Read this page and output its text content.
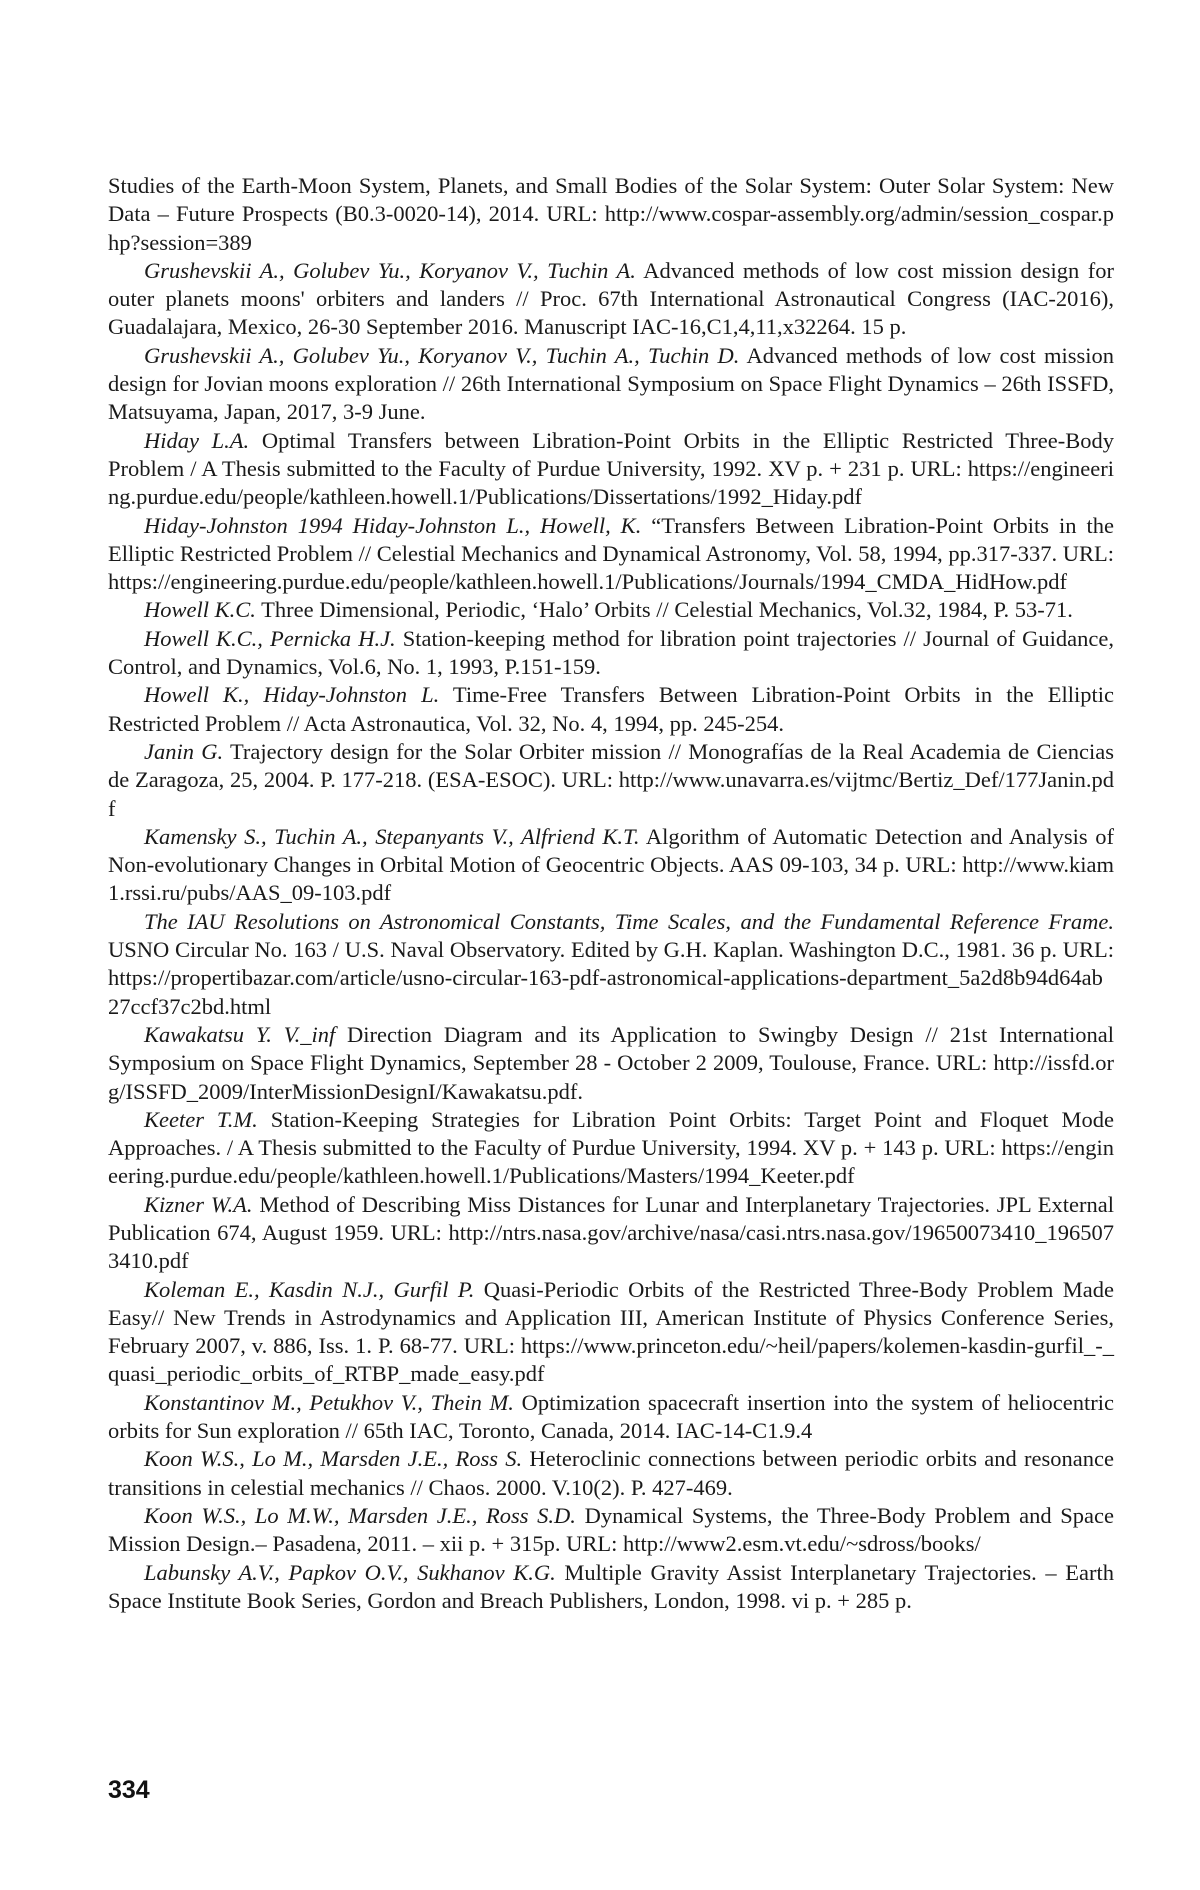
Studies of the Earth-Moon System, Planets, and Small Bodies of the Solar System: Outer Solar System: New Data – Future Prospects (B0.3-0020-14), 2014. URL: http://www.cospar-assembly.org/admin/session_cospar.php?session=389

Grushevskii A., Golubev Yu., Koryanov V., Tuchin A. Advanced methods of low cost mission design for outer planets moons' orbiters and landers // Proc. 67th International Astronautical Congress (IAC-2016), Guadalajara, Mexico, 26-30 September 2016. Manuscript IAC-16,C1,4,11,x32264. 15 p.

Grushevskii A., Golubev Yu., Koryanov V., Tuchin A., Tuchin D. Advanced methods of low cost mission design for Jovian moons exploration // 26th International Symposium on Space Flight Dynamics – 26th ISSFD, Matsuyama, Japan, 2017, 3-9 June.

Hiday L.A. Optimal Transfers between Libration-Point Orbits in the Elliptic Restricted Three-Body Problem / A Thesis submitted to the Faculty of Purdue University, 1992. XV p. + 231 p. URL: https://engineering.purdue.edu/people/kathleen.howell.1/Publications/Dissertations/1992_Hiday.pdf

Hiday-Johnston 1994 Hiday-Johnston L., Howell, K. “Transfers Between Libration-Point Orbits in the Elliptic Restricted Problem // Celestial Mechanics and Dynamical Astronomy, Vol. 58, 1994, pp.317-337. URL: https://engineering.purdue.edu/people/kathleen.howell.1/Publications/Journals/1994_CMDA_HidHow.pdf

Howell K.C. Three Dimensional, Periodic, ‘Halo’ Orbits // Celestial Mechanics, Vol.32, 1984, P. 53-71.

Howell K.C., Pernicka H.J. Station-keeping method for libration point trajectories // Journal of Guidance, Control, and Dynamics, Vol.6, No. 1, 1993, P.151-159.

Howell K., Hiday-Johnston L. Time-Free Transfers Between Libration-Point Orbits in the Elliptic Restricted Problem // Acta Astronautica, Vol. 32, No. 4, 1994, pp. 245-254.

Janin G. Trajectory design for the Solar Orbiter mission // Monografías de la Real Academia de Ciencias de Zaragoza, 25, 2004. P. 177-218. (ESA-ESOC). URL: http://www.unavarra.es/vijtmc/Bertiz_Def/177Janin.pdf

Kamensky S., Tuchin A., Stepanyants V., Alfriend K.T. Algorithm of Automatic Detection and Analysis of Non-evolutionary Changes in Orbital Motion of Geocentric Objects. AAS 09-103, 34 p. URL: http://www.kiam1.rssi.ru/pubs/AAS_09-103.pdf

The IAU Resolutions on Astronomical Constants, Time Scales, and the Fundamental Reference Frame. USNO Circular No. 163 / U.S. Naval Observatory. Edited by G.H. Kaplan. Washington D.C., 1981. 36 p. URL: https://propertibazar.com/article/usno-circular-163-pdf-astronomical-applications-department_5a2d8b94d64ab27ccf37c2bd.html

Kawakatsu Y. V._inf Direction Diagram and its Application to Swingby Design // 21st International Symposium on Space Flight Dynamics, September 28 - October 2 2009, Toulouse, France. URL: http://issfd.org/ISSFD_2009/InterMissionDesignI/Kawakatsu.pdf.

Keeter T.M. Station-Keeping Strategies for Libration Point Orbits: Target Point and Floquet Mode Approaches. / A Thesis submitted to the Faculty of Purdue University, 1994. XV p. + 143 p. URL: https://engineering.purdue.edu/people/kathleen.howell.1/Publications/Masters/1994_Keeter.pdf

Kizner W.A. Method of Describing Miss Distances for Lunar and Interplanetary Trajectories. JPL External Publication 674, August 1959. URL: http://ntrs.nasa.gov/archive/nasa/casi.ntrs.nasa.gov/19650073410_1965073410.pdf

Koleman E., Kasdin N.J., Gurfil P. Quasi-Periodic Orbits of the Restricted Three-Body Problem Made Easy// New Trends in Astrodynamics and Application III, American Institute of Physics Conference Series, February 2007, v. 886, Iss. 1. P. 68-77. URL: https://www.princeton.edu/~heil/papers/kolemen-kasdin-gurfil_-_quasi_periodic_orbits_of_RTBP_made_easy.pdf

Konstantinov M., Petukhov V., Thein M. Optimization spacecraft insertion into the system of heliocentric orbits for Sun exploration // 65th IAC, Toronto, Canada, 2014. IAC-14-C1.9.4

Koon W.S., Lo M., Marsden J.E., Ross S. Heteroclinic connections between periodic orbits and resonance transitions in celestial mechanics // Chaos. 2000. V.10(2). P. 427-469.

Koon W.S., Lo M.W., Marsden J.E., Ross S.D. Dynamical Systems, the Three-Body Problem and Space Mission Design.– Pasadena, 2011. – xii p. + 315p. URL: http://www2.esm.vt.edu/~sdross/books/

Labunsky A.V., Papkov O.V., Sukhanov K.G. Multiple Gravity Assist Interplanetary Trajectories. – Earth Space Institute Book Series, Gordon and Breach Publishers, London, 1998. vi p. + 285 p.

334
